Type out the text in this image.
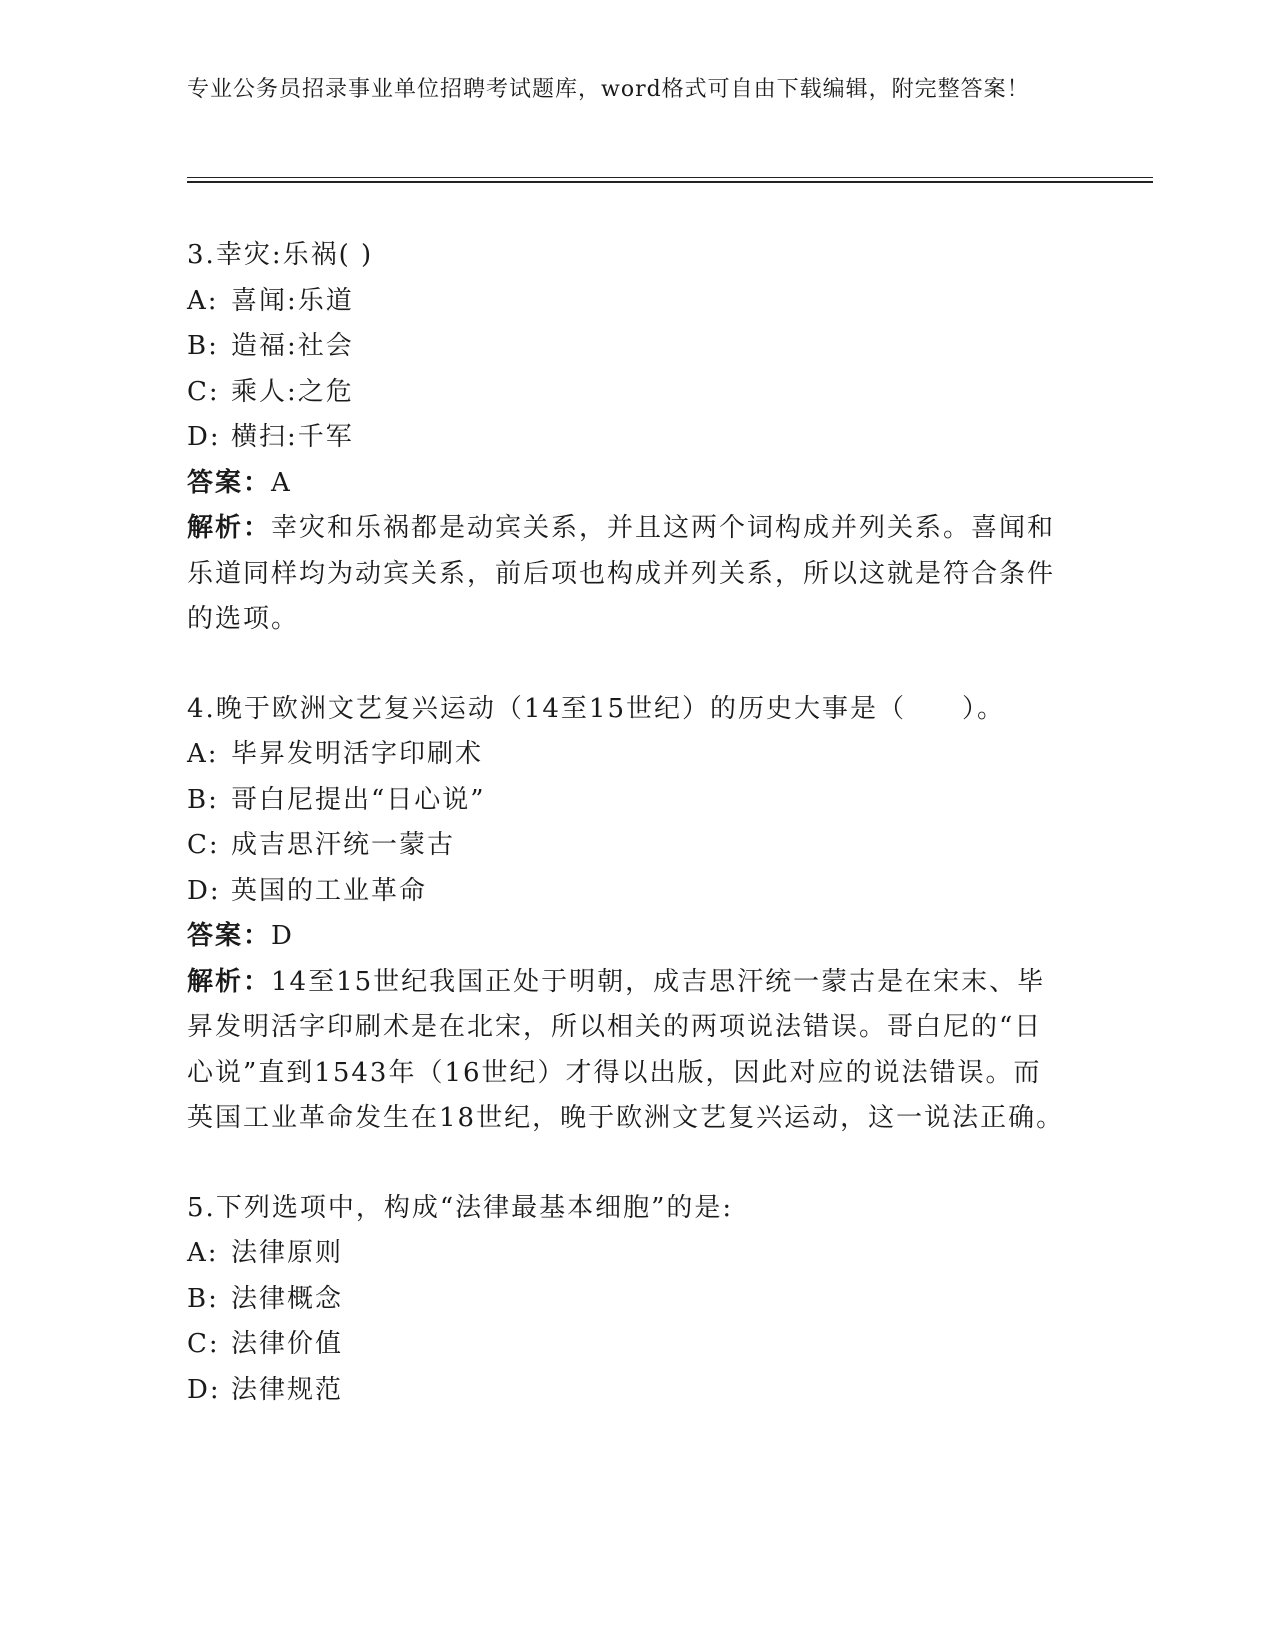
专业公务员招录事业单位招聘考试题库，word格式可自由下载编辑，附完整答案！
3.幸灾:乐祸( )
A: 喜闻:乐道
B: 造福:社会
C: 乘人:之危
D: 横扫:千军
答案：A
解析：幸灾和乐祸都是动宾关系，并且这两个词构成并列关系。喜闻和乐道同样均为动宾关系，前后项也构成并列关系，所以这就是符合条件的选项。
4.晚于欧洲文艺复兴运动（14至15世纪）的历史大事是（　　）。
A: 毕昇发明活字印刷术
B: 哥白尼提出“日心说”
C: 成吉思汗统一蒙古
D: 英国的工业革命
答案：D
解析：14至15世纪我国正处于明朝，成吉思汗统一蒙古是在宋末、毕昇发明活字印刷术是在北宋，所以相关的两项说法错误。哥白尼的“日心说”直到1543年（16世纪）才得以出版，因此对应的说法错误。而英国工业革命发生在18世纪，晚于欧洲文艺复兴运动，这一说法正确。
5.下列选项中，构成“法律最基本细胞”的是:
A: 法律原则
B: 法律概念
C: 法律价值
D: 法律规范
